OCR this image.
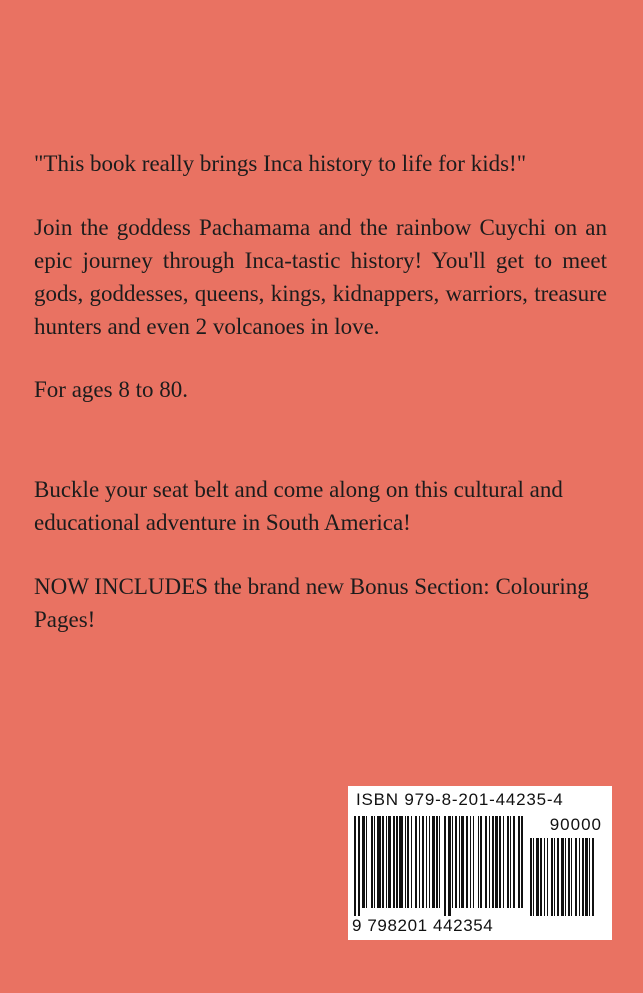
"This book really brings Inca history to life for kids!"

Join the goddess Pachamama and the rainbow Cuychi on an epic journey through Inca-tastic history! You'll get to meet gods, goddesses, queens, kings, kidnappers, warriors, treasure hunters and even 2 volcanoes in love.

For ages 8 to 80.

Buckle your seat belt and come along on this cultural and educational adventure in South America!

NOW INCLUDES the brand new Bonus Section: Colouring Pages!

ISBN 979-8-201-44235-4
90000
9 798201 442354
